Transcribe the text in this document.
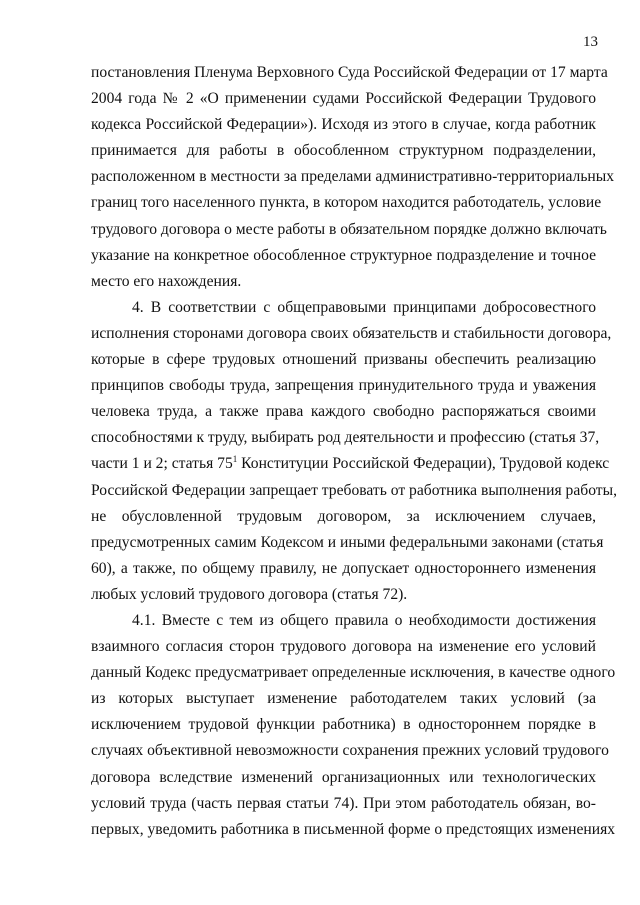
13
постановления Пленума Верховного Суда Российской Федерации от 17 марта
2004 года № 2 «О применении судами Российской Федерации Трудового
кодекса Российской Федерации»). Исходя из этого в случае, когда работник
принимается для работы в обособленном структурном подразделении,
расположенном в местности за пределами административно-территориальных
границ того населенного пункта, в котором находится работодатель, условие
трудового договора о месте работы в обязательном порядке должно включать
указание на конкретное обособленное структурное подразделение и точное
место его нахождения.
4. В соответствии с общеправовыми принципами добросовестного
исполнения сторонами договора своих обязательств и стабильности договора,
которые в сфере трудовых отношений призваны обеспечить реализацию
принципов свободы труда, запрещения принудительного труда и уважения
человека труда, а также права каждого свободно распоряжаться своими
способностями к труду, выбирать род деятельности и профессию (статья 37,
части 1 и 2; статья $75^1$ Конституции Российской Федерации), Трудовой кодекс
Российской Федерации запрещает требовать от работника выполнения работы,
не обусловленной трудовым договором, за исключением случаев,
предусмотренных самим Кодексом и иными федеральными законами (статья
60), а также, по общему правилу, не допускает одностороннего изменения
любых условий трудового договора (статья 72).
4.1. Вместе с тем из общего правила о необходимости достижения
взаимного согласия сторон трудового договора на изменение его условий
данный Кодекс предусматривает определенные исключения, в качестве одного
из которых выступает изменение работодателем таких условий (за
исключением трудовой функции работника) в одностороннем порядке в
случаях объективной невозможности сохранения прежних условий трудового
договора вследствие изменений организационных или технологических
условий труда (часть первая статьи 74). При этом работодатель обязан, во-
первых, уведомить работника в письменной форме о предстоящих изменениях
